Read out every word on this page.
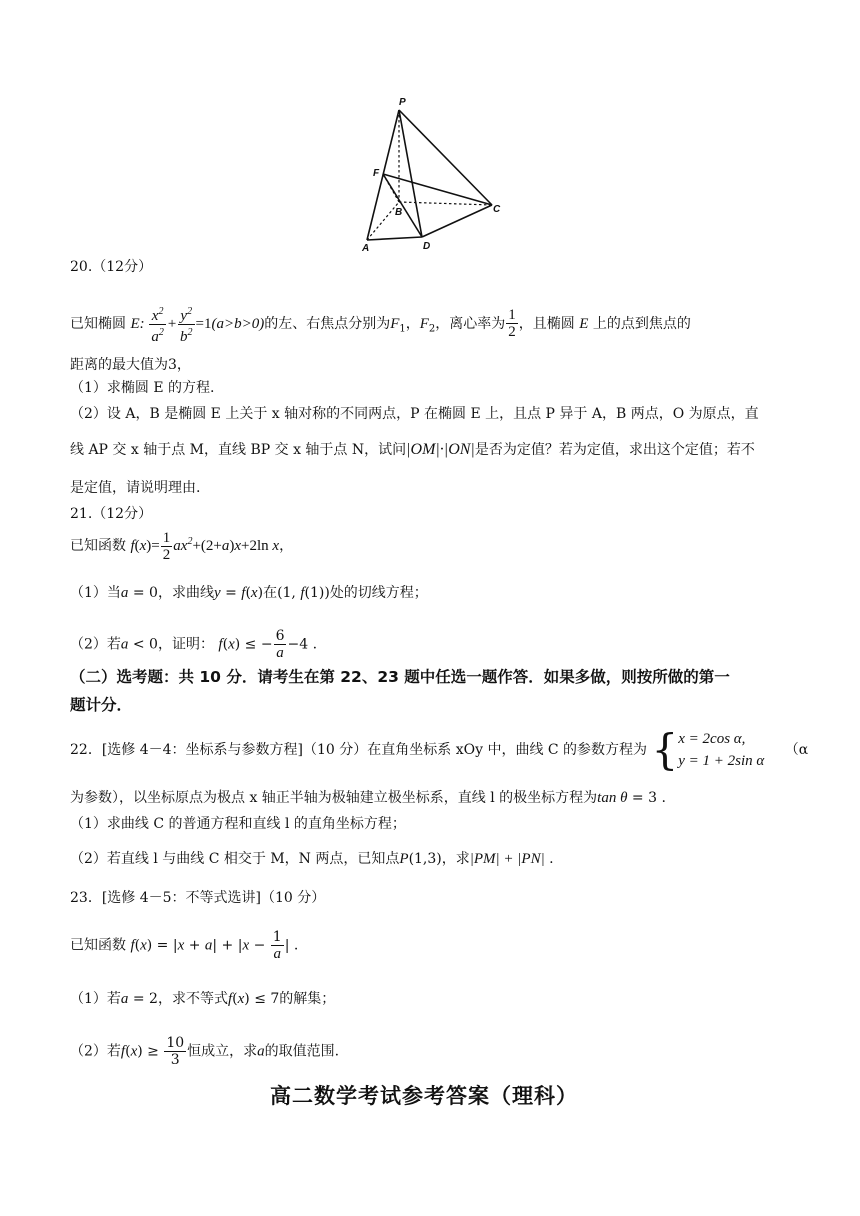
P
F
B	C
A	D
20.（12分）
已知椭圆 E: $\frac{x^2}{a^2} + \frac{y^2}{b^2} =1(a>b>0)$的左、右焦点分别为$F_1$，$F_2$，离心率为 $\frac{1}{2}$ ，且椭圆 E 上的点到焦点的
距离的最大值为3，
（1）求椭圆 E 的方程.
（2）设 A，B 是椭圆 E 上关于 x 轴对称的不同两点，P 在椭圆 E 上，且点 P 异于 A，B 两点，O 为原点，直
线 AP 交 x 轴于点 M，直线 BP 交 x 轴于点 N，试问|OM|·|ON|是否为定值？若为定值，求出这个定值；若不
是定值，请说明理由.
21.（12分）
已知函数 $f(x)= \frac{1}{2} ax^2+(2+a)x+2\ln$ x，
（1）当a = 0，求曲线y = f(x)在(1, f(1))处的切线方程；
（2）若a < 0，证明： f(x) ≤ − $\frac{6}{a} -4$ .
（二）选考题：共 10 分．请考生在第 22、23 题中任选一题作答．如果多做，则按所做的第一
题计分．
22．[选修 4－4：坐标系与参数方程]（10 分）在直角坐标系 xOy 中，曲线 C 的参数方程为 { x = 2cos α,
y = 1 + 2sin α
（α
为参数），以坐标原点为极点 x 轴正半轴为极轴建立极坐标系，直线 l 的极坐标方程为tan θ = 3 .
（1）求曲线 C 的普通方程和直线 l 的直角坐标方程；
（2）若直线 l 与曲线 C 相交于 M，N 两点，已知点P(1,3)，求|PM| + |PN| .
23．[选修 4－5：不等式选讲]（10 分）
已知函数 $f(x) = |x + a| + |x - \frac{1}{a}$ | .
（1）若a = 2，求不等式f(x) ≤ 7的解集；
（2）若$f(x) \ge \frac{10}{3}$ 恒成立，求a的取值范围.
高二数学考试参考答案（理科）
